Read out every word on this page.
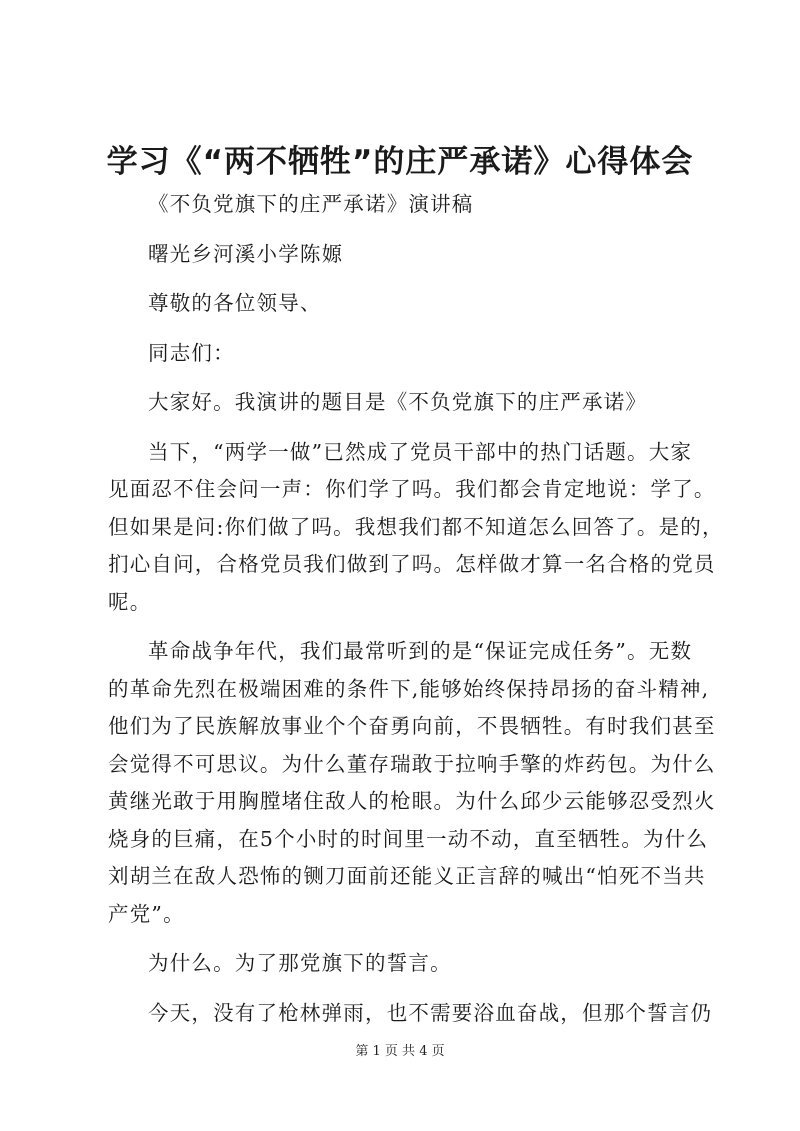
学习《“两不牺牲”的庄严承诺》心得体会
《不负党旗下的庄严承诺》演讲稿
曙光乡河溪小学陈嫄
尊敬的各位领导、
同志们：
大家好。我演讲的题目是《不负党旗下的庄严承诺》
当下，“两学一做”已然成了党员干部中的热门话题。大家
见面忍不住会问一声：你们学了吗。我们都会肯定地说：学了。
但如果是问:你们做了吗。我想我们都不知道怎么回答了。是的，
扪心自问，合格党员我们做到了吗。怎样做才算一名合格的党员
呢。
革命战争年代，我们最常听到的是“保证完成任务”。无数
的革命先烈在极端困难的条件下,能够始终保持昂扬的奋斗精神,
他们为了民族解放事业个个奋勇向前，不畏牺牲。有时我们甚至
会觉得不可思议。为什么董存瑞敢于拉响手擎的炸药包。为什么
黄继光敢于用胸膛堵住敌人的枪眼。为什么邱少云能够忍受烈火
烧身的巨痛，在5个小时的时间里一动不动，直至牺牲。为什么
刘胡兰在敌人恐怖的铡刀面前还能义正言辞的喊出“怕死不当共
产党”。
为什么。为了那党旗下的誓言。
今天，没有了枪林弹雨，也不需要浴血奋战，但那个誓言仍
第 1 页 共 4 页
